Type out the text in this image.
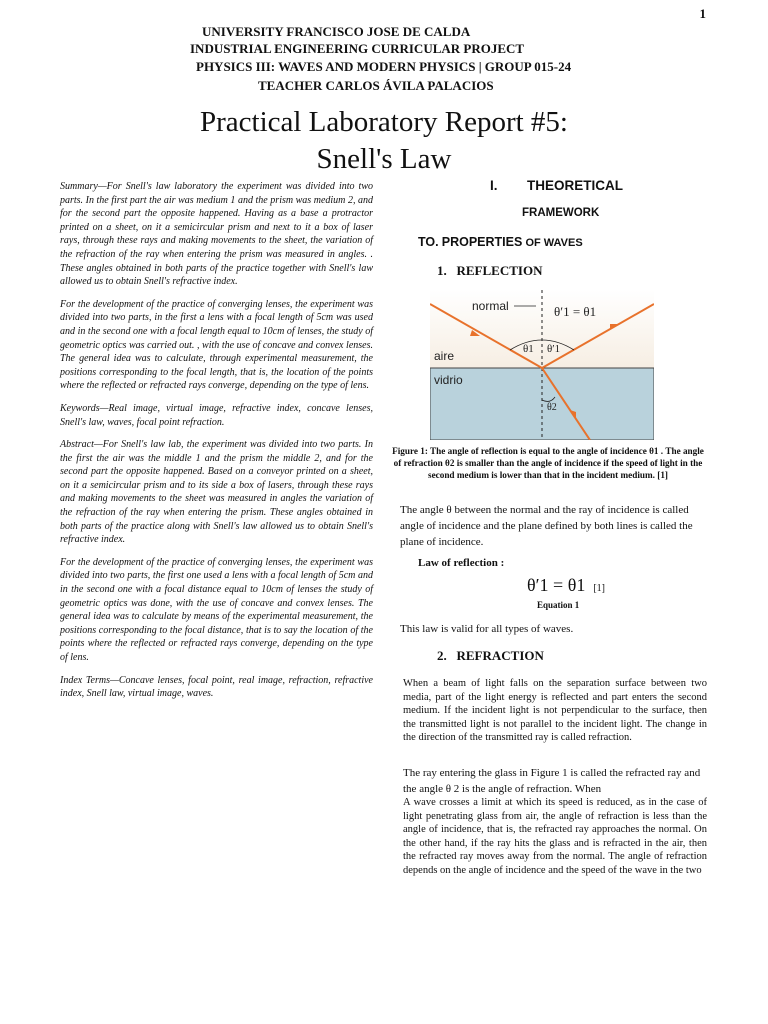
1
UNIVERSITY FRANCISCO JOSE DE CALDA
INDUSTRIAL ENGINEERING CURRICULAR PROJECT
PHYSICS III: WAVES AND MODERN PHYSICS | GROUP 015-24
TEACHER CARLOS ÁVILA PALACIOS
Practical Laboratory Report #5:
Snell's Law

Summary—For Snell's law laboratory the experiment was divided into two parts. In the first part the air was medium 1 and the prism was medium 2, and for the second part the opposite happened. Having as a base a protractor printed on a sheet, on it a semicircular prism and next to it a box of laser rays, through these rays and making movements to the sheet, the variation of the refraction of the ray when entering the prism was measured in angles. . These angles obtained in both parts of the practice together with Snell's law allowed us to obtain Snell's refractive index.

For the development of the practice of converging lenses, the experiment was divided into two parts, in the first a lens with a focal length of 5cm was used and in the second one with a focal length equal to 10cm of lenses, the study of geometric optics was carried out. , with the use of concave and convex lenses. The general idea was to calculate, through experimental measurement, the positions corresponding to the focal length, that is, the location of the points where the reflected or refracted rays converge, depending on the type of lens.

Keywords—Real image, virtual image, refractive index, concave lenses, Snell's law, waves, focal point refraction.

Abstract—For Snell's law lab, the experiment was divided into two parts. In the first the air was the middle 1 and the prism the middle 2, and for the second part the opposite happened. Based on a conveyor printed on a sheet, on it a semicircular prism and to its side a box of lasers, through these rays and making movements to the sheet was measured in angles the variation of the refraction of the ray when entering the prism. These angles obtained in both parts of the practice along with Snell's law allowed us to obtain Snell's refractive index.

For the development of the practice of converging lenses, the experiment was divided into two parts, the first one used a lens with a focal length of 5cm and in the second one with a focal distance equal to 10cm of lenses the study of geometric optics was done, with the use of concave and convex lenses. The general idea was to calculate by means of the experimental measurement, the positions corresponding to the focal distance, that is to say the location of the points where the reflected or refracted rays converge, depending on the type of lens.

Index Terms—Concave lenses, focal point, real image, refraction, refractive index, Snell law, virtual image, waves.

I. THEORETICAL
FRAMEWORK
TO. PROPERTIES OF WAVES
1.   REFLECTION
normal	θ′1 = θ1
θ1 θ′1
aire
vidrio
θ2
Figure 1: The angle of reflection is equal to the angle of incidence θ1 . The angle of refraction θ2 is smaller than the angle of incidence if the speed of light in the second medium is lower than that in the incident medium. [1]
The angle θ between the normal and the ray of incidence is called angle of incidence and the plane defined by both lines is called the plane of incidence.
Law of reflection :
θ′1 = θ1 [1]
Equation 1
This law is valid for all types of waves.
2.   REFRACTION
When a beam of light falls on the separation surface between two media, part of the light energy is reflected and part enters the second medium. If the incident light is not perpendicular to the surface, then the transmitted light is not parallel to the incident light. The change in the direction of the transmitted ray is called refraction.
The ray entering the glass in Figure 1 is called the refracted ray and the angle θ 2 is the angle of refraction. When
A wave crosses a limit at which its speed is reduced, as in the case of light penetrating glass from air, the angle of refraction is less than the angle of incidence, that is, the refracted ray approaches the normal. On the other hand, if the ray hits the glass and is refracted in the air, then the refracted ray moves away from the normal. The angle of refraction depends on the angle of incidence and the speed of the wave in the two
